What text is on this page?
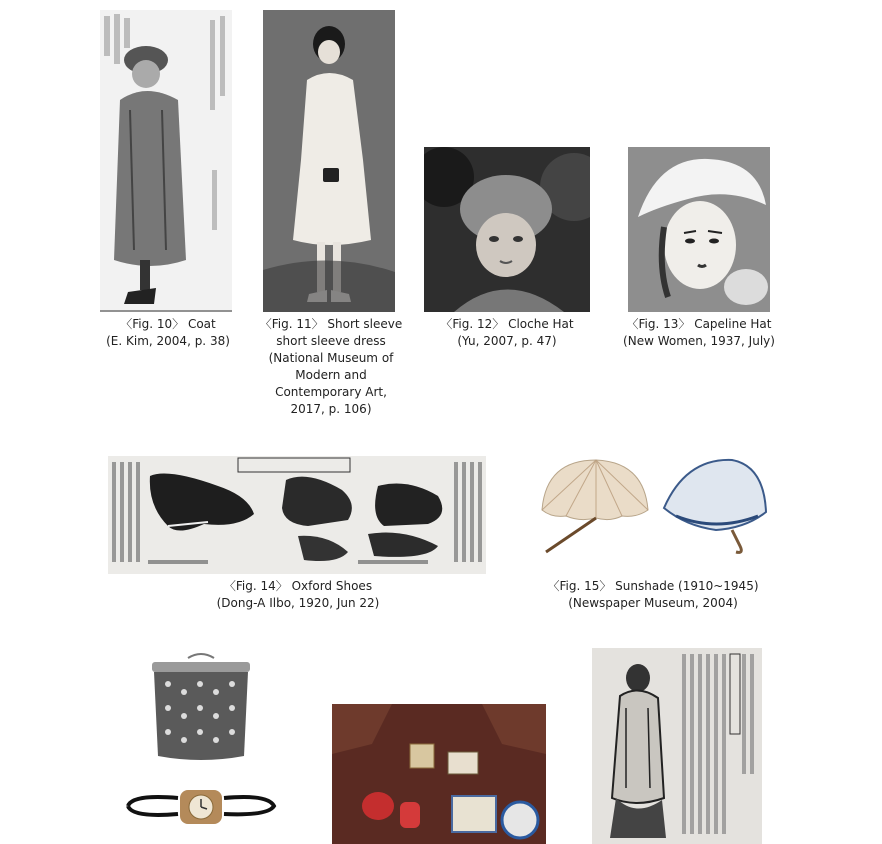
〈Fig. 10〉 Coat
(E. Kim, 2004, p. 38)
〈Fig. 11〉 Short sleeve
short sleeve dress
(National Museum of
Modern and
Contemporary Art,
2017, p. 106)
〈Fig. 12〉 Cloche Hat
(Yu, 2007, p. 47)
〈Fig. 13〉 Capeline Hat
(New Women, 1937, July)
〈Fig. 14〉 Oxford Shoes
(Dong-A Ilbo, 1920, Jun 22)
〈Fig. 15〉 Sunshade (1910~1945)
(Newspaper Museum, 2004)
